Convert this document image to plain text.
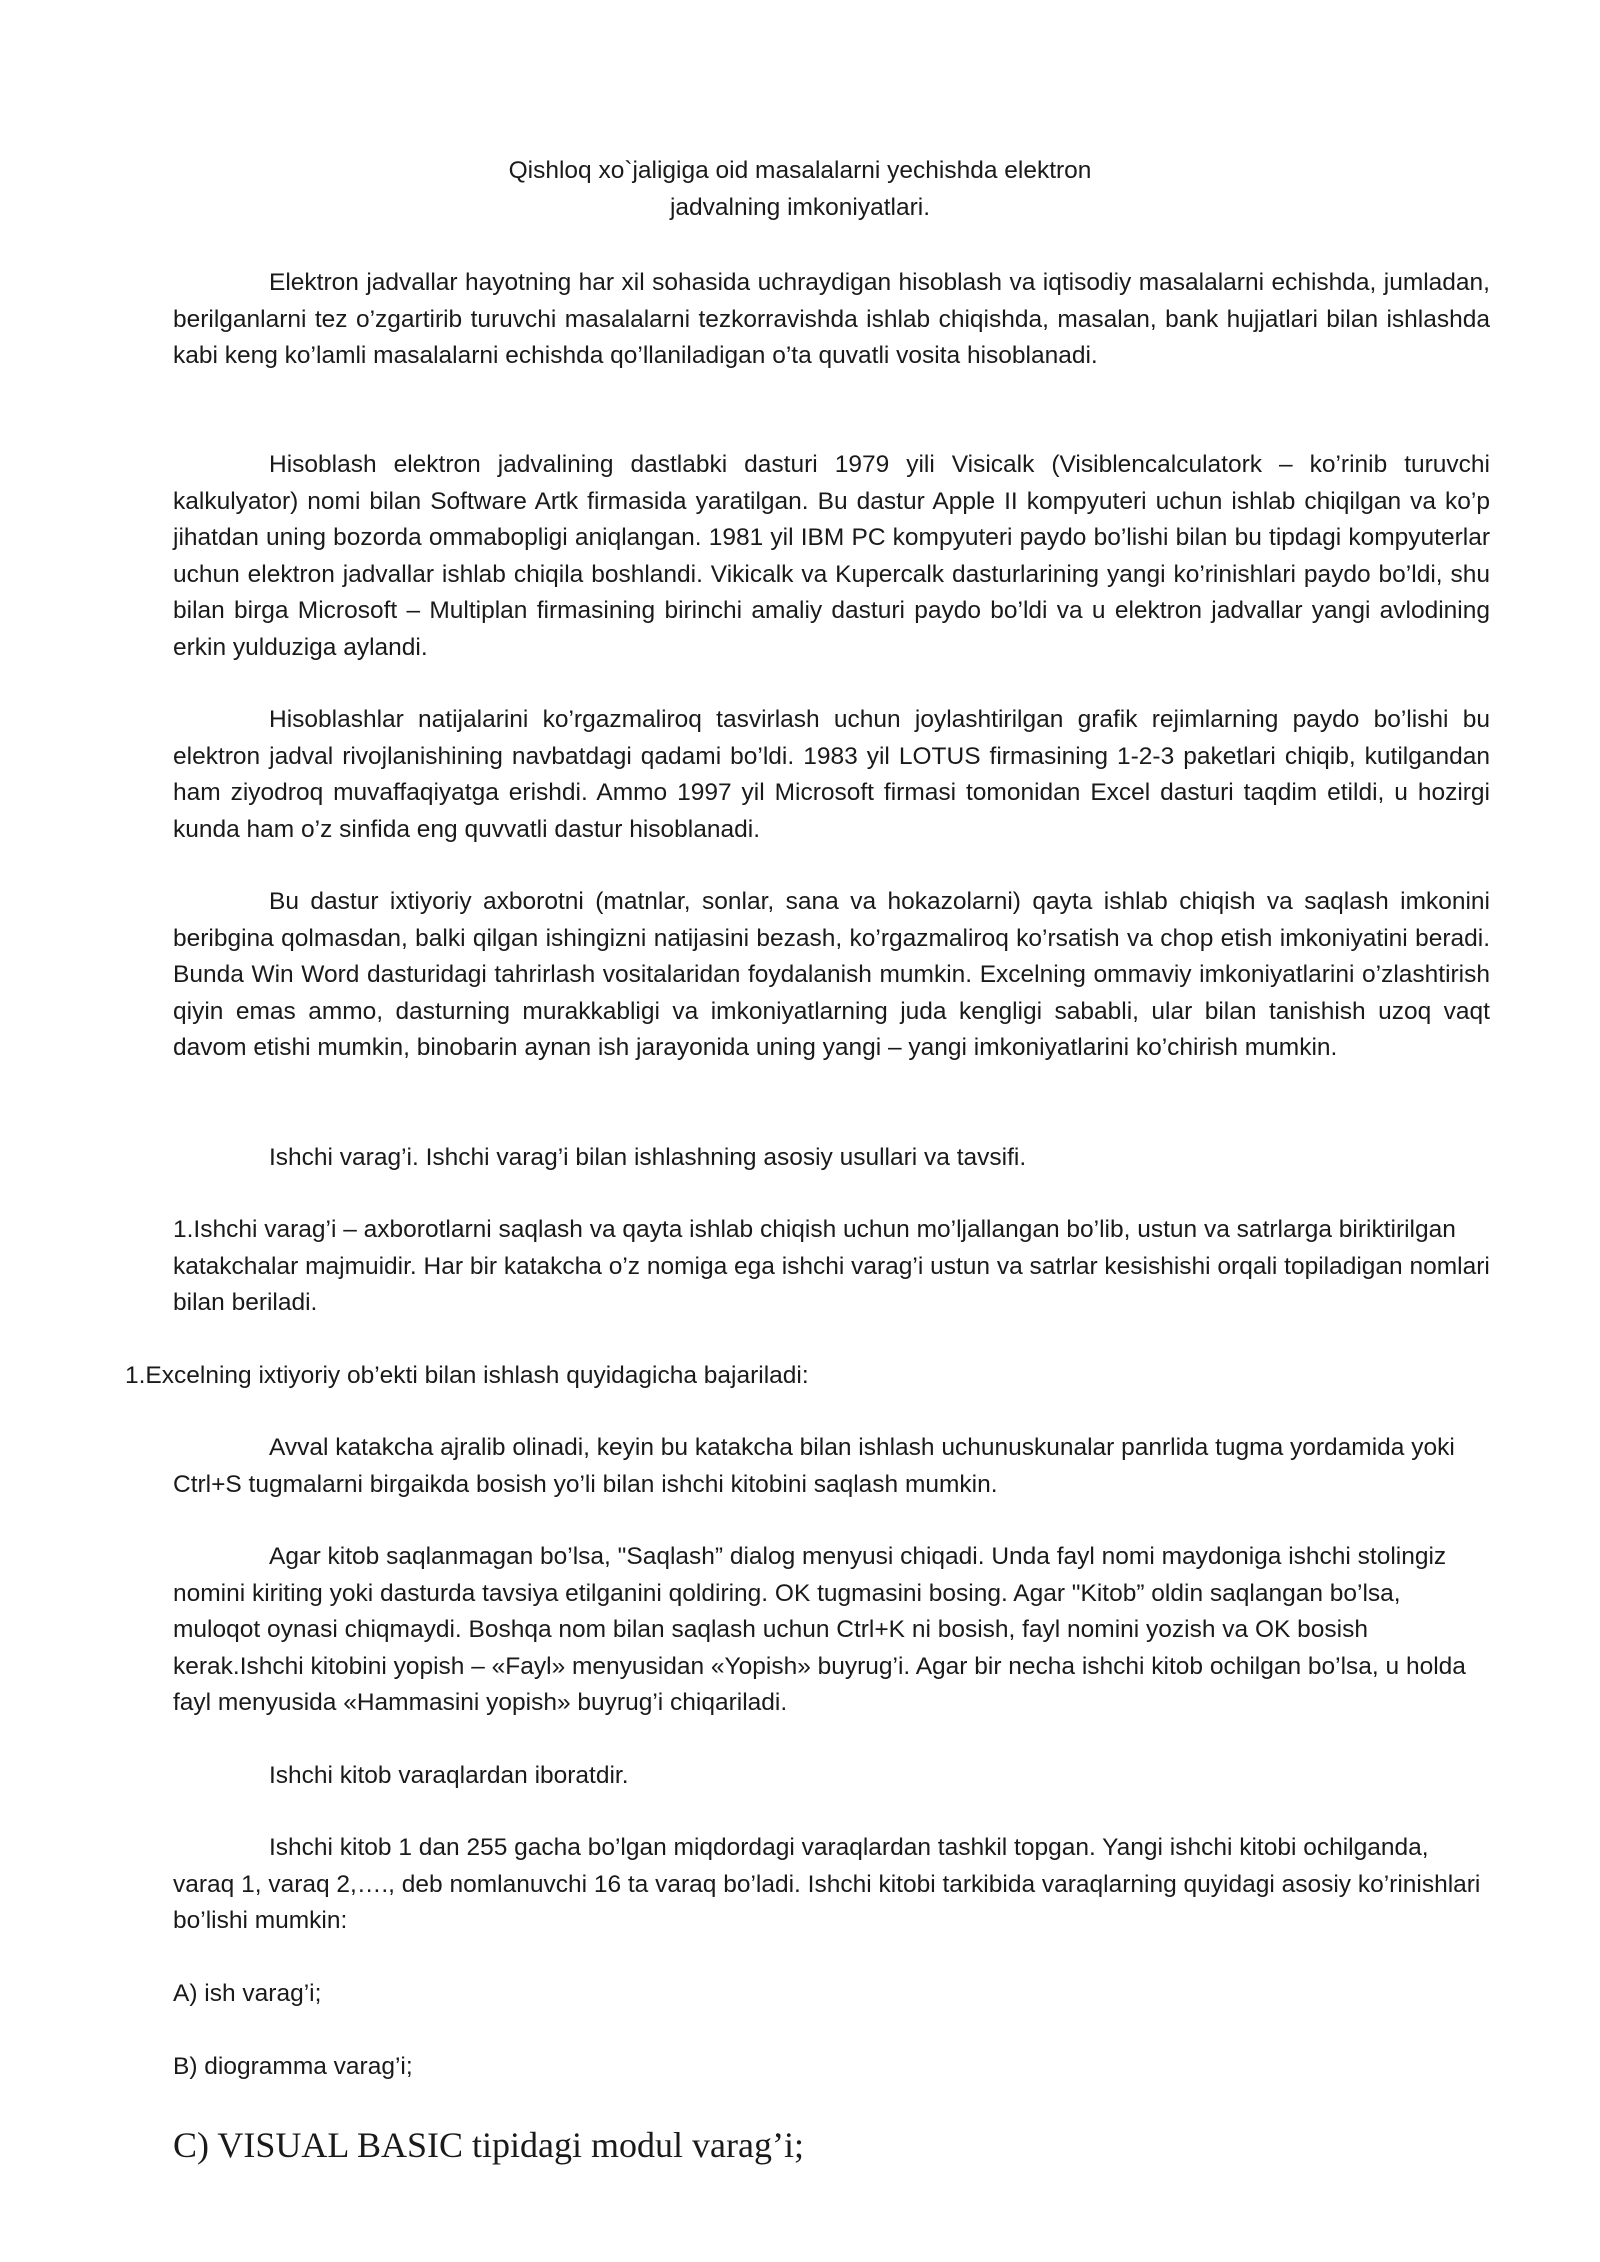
Qishloq xo`jaligiga oid masalalarni yechishda elektron
jadvalning imkoniyatlari.

Elektron jadvallar hayotning har xil sohasida uchraydigan hisoblash va iqtisodiy masalalarni echishda, jumladan, berilganlarni tez o’zgartirib turuvchi masalalarni tezkorravishda ishlab chiqishda, masalan, bank hujjatlari bilan ishlashda kabi keng ko’lamli masalalarni echishda qo’llaniladigan o’ta quvatli vosita hisoblanadi.

Hisoblash elektron jadvalining dastlabki dasturi 1979 yili Visicalk (Visiblencalculatork – ko’rinib turuvchi kalkulyator) nomi bilan Software Artk firmasida yaratilgan. Bu dastur Apple II kompyuteri uchun ishlab chiqilgan va ko’p jihatdan uning bozorda ommabopligi aniqlangan. 1981 yil IBM PC kompyuteri paydo bo’lishi bilan bu tipdagi kompyuterlar uchun elektron jadvallar ishlab chiqila boshlandi. Vikicalk va Kupercalk dasturlarining yangi ko’rinishlari paydo bo’ldi, shu bilan birga Microsoft – Multiplan firmasining birinchi amaliy dasturi paydo bo’ldi va u elektron jadvallar yangi avlodining erkin yulduziga aylandi.

Hisoblashlar natijalarini ko’rgazmaliroq tasvirlash uchun joylashtirilgan grafik rejimlarning paydo bo’lishi bu elektron jadval rivojlanishining navbatdagi qadami bo’ldi. 1983 yil LOTUS firmasining 1-2-3 paketlari chiqib, kutilgandan ham ziyodroq muvaffaqiyatga erishdi. Ammo 1997 yil Microsoft firmasi tomonidan Excel dasturi taqdim etildi, u hozirgi kunda ham o’z sinfida eng quvvatli dastur hisoblanadi.

Bu dastur ixtiyoriy axborotni (matnlar, sonlar, sana va hokazolarni) qayta ishlab chiqish va saqlash imkonini beribgina qolmasdan, balki qilgan ishingizni natijasini bezash, ko’rgazmaliroq ko’rsatish va chop etish imkoniyatini beradi. Bunda Win Word dasturidagi tahrirlash vositalaridan foydalanish mumkin. Excelning ommaviy imkoniyatlarini o’zlashtirish qiyin emas ammo, dasturning murakkabligi va imkoniyatlarning juda kengligi sababli, ular bilan tanishish uzoq vaqt davom etishi mumkin, binobarin aynan ish jarayonida uning yangi – yangi imkoniyatlarini ko’chirish mumkin.

Ishchi varag’i. Ishchi varag’i bilan ishlashning asosiy usullari va tavsifi.

1.Ishchi varag’i – axborotlarni saqlash va qayta ishlab chiqish uchun mo’ljallangan bo’lib, ustun va satrlarga biriktirilgan katakchalar majmuidir. Har bir katakcha o’z nomiga ega ishchi varag’i ustun va satrlar kesishishi orqali topiladigan nomlari bilan beriladi.

1.Excelning ixtiyoriy ob’ekti bilan ishlash quyidagicha bajariladi:

Avval katakcha ajralib olinadi, keyin bu katakcha bilan ishlash uchunuskunalar panrlida tugma yordamida yoki Ctrl+S tugmalarni birgaikda bosish yo’li bilan ishchi kitobini saqlash mumkin.

Agar kitob saqlanmagan bo’lsa, "Saqlash” dialog menyusi chiqadi. Unda fayl nomi maydoniga ishchi stolingiz nomini kiriting yoki dasturda tavsiya etilganini qoldiring. OK tugmasini bosing. Agar "Kitob” oldin saqlangan bo’lsa, muloqot oynasi chiqmaydi. Boshqa nom bilan saqlash uchun Ctrl+K ni bosish, fayl nomini yozish va OK bosish kerak.Ishchi kitobini yopish – «Fayl» menyusidan «Yopish» buyrug’i. Agar bir necha ishchi kitob ochilgan bo’lsa, u holda fayl menyusida «Hammasini yopish» buyrug’i chiqariladi.

Ishchi kitob varaqlardan iboratdir.

Ishchi kitob 1 dan 255 gacha bo’lgan miqdordagi varaqlardan tashkil topgan. Yangi ishchi kitobi ochilganda, varaq 1, varaq 2,…., deb nomlanuvchi 16 ta varaq bo’ladi. Ishchi kitobi tarkibida varaqlarning quyidagi asosiy ko’rinishlari bo’lishi mumkin:

A) ish varag’i;

B) diogramma varag’i;

C) VISUAL BASIC tipidagi modul varag’i;
